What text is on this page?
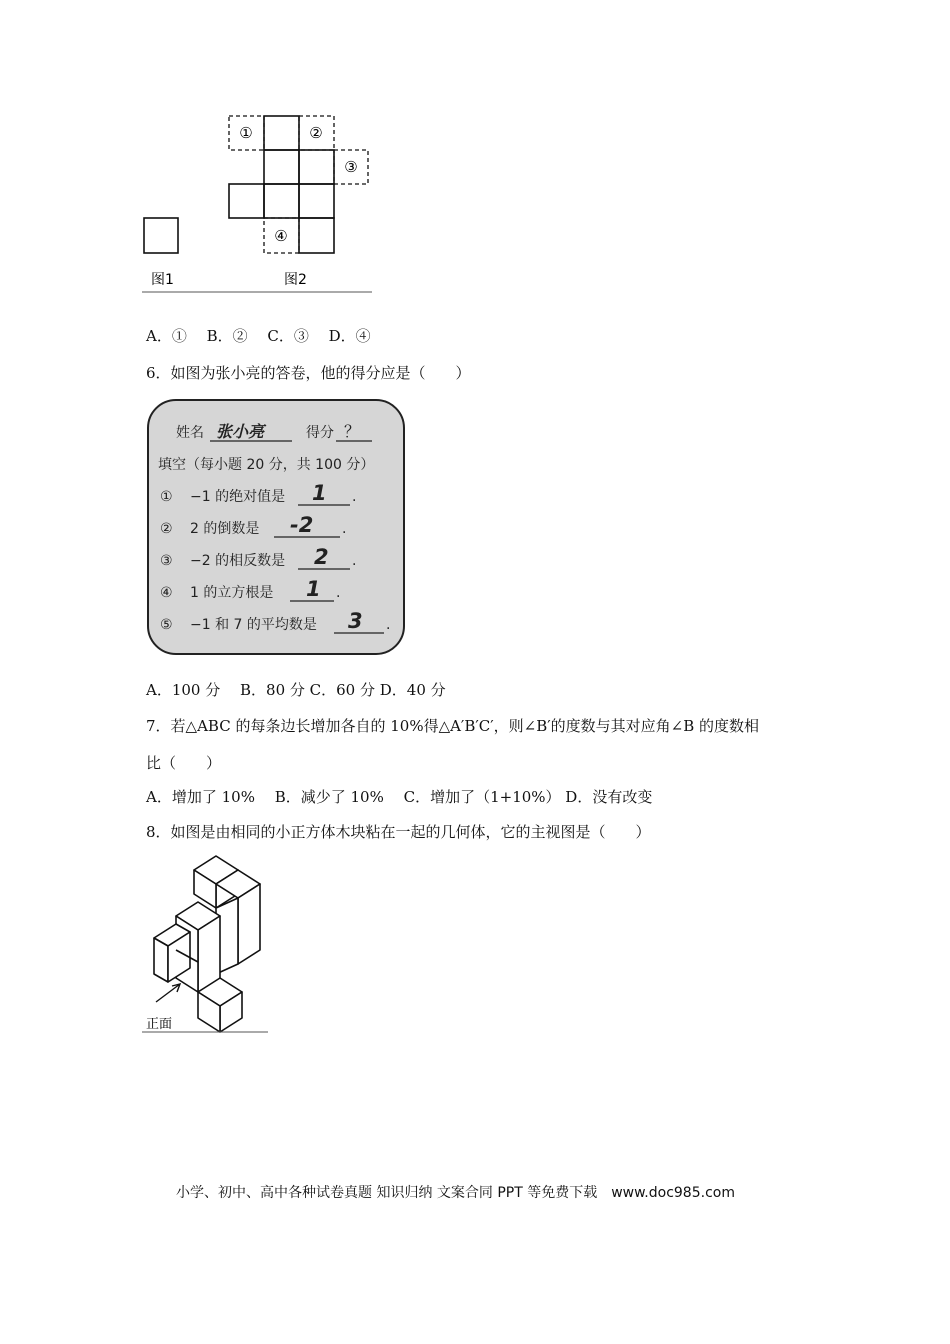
①	②
③
④
图1	图2
A．①　 B．②　 C．③　 D．④
6．如图为张小亮的答卷，他的得分应是（　　）
姓名 张小亮	得分 ？
填空（每小题 20 分，共 100 分）
① −1 的绝对值是 1 .
② 2 的倒数是 -2 .
③ −2 的相反数是 2 .
④ 1 的立方根是 1 .
⑤ −1 和 7 的平均数是 3 .
A．100 分　 B．80 分 C．60 分 D．40 分
7．若△ABC 的每条边长增加各自的 10%得△A′B′C′，则∠B′的度数与其对应角∠B 的度数相
比（　　）
A．增加了 10%　 B．减少了 10%　 C．增加了（1+10%） D．没有改变
8．如图是由相同的小正方体木块粘在一起的几何体，它的主视图是（　　）
正面
小学、初中、高中各种试卷真题 知识归纳 文案合同 PPT 等免费下载　www.doc985.com
